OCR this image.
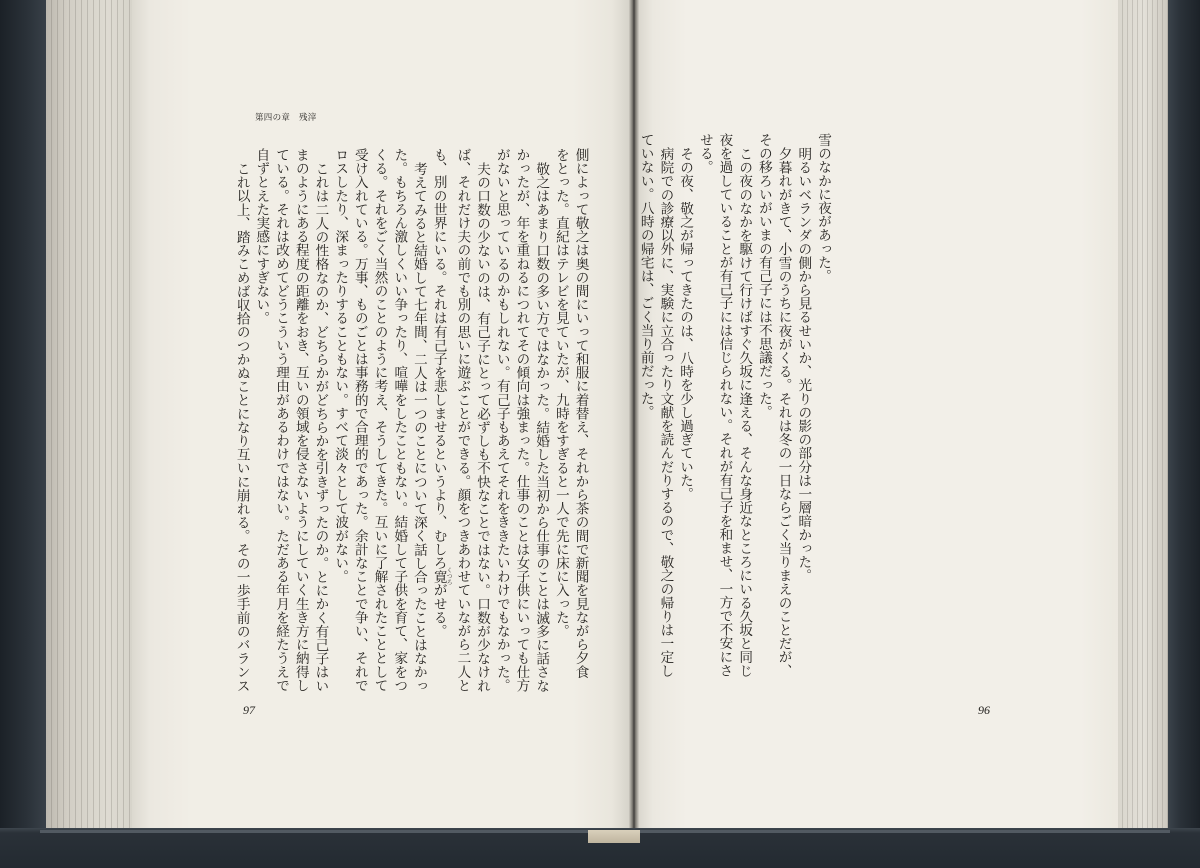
第四の章　残滓
側によって敬之は奥の間にいって和服に着替え、それから茶の間で新聞を見ながら夕食
をとった。直紀はテレビを見ていたが、九時をすぎると一人で先に床に入った。
敬之はあまり口数の多い方ではなかった。結婚した当初から仕事のことは滅多に話さな
かったが、年を重ねるにつれてその傾向は強まった。仕事のことは女子供にいっても仕方
がないと思っているのかもしれない。有己子もあえてそれをききたいわけでもなかった。
夫の口数の少ないのは、有己子にとって必ずしも不快なことではない。口数が少なけれ
ば、それだけ夫の前でも別の思いに遊ぶことができる。顔をつきあわせていながら二人と
も、別の世界にいる。それは有己子を悲しませるというより、むしろ寛くつろがせる。
考えてみると結婚して七年間、二人は一つのことについて深く話し合ったことはなかっ
た。もちろん激しくいい争ったり、喧嘩をしたこともない。結婚して子供を育て、家をつ
くる。それをごく当然のことのように考え、そうしてきた。互いに了解されたこととして
受け入れている。万事、ものごとは事務的で合理的であった。余計なことで争い、それで
ロスしたり、深まったりすることもない。すべて淡々として波がない。
これは二人の性格なのか、どちらかがどちらかを引きずったのか。とにかく有己子はい
まのようにある程度の距離をおき、互いの領域を侵さないようにしていく生き方に納得し
ている。それは改めてどうこういう理由があるわけではない。ただある年月を経たうえで
自ずとえた実感にすぎない。
これ以上、踏みこめば収拾のつかぬことになり互いに崩れる。その一歩手前のバランス
97
雪のなかに夜があった。
明るいベランダの側から見るせいか、光りの影の部分は一層暗かった。
夕暮れがきて、小雪のうちに夜がくる。それは冬の一日ならごく当りまえのことだが、
その移ろいがいまの有己子には不思議だった。
この夜のなかを駆けて行けばすぐ久坂に逢える、そんな身近なところにいる久坂と同じ
夜を過していることが有己子には信じられない。それが有己子を和ませ、一方で不安にさ
せる。
その夜、敬之が帰ってきたのは、八時を少し過ぎていた。
病院での診療以外に、実験に立合ったり文献を読んだりするので、敬之の帰りは一定し
ていない。八時の帰宅は、ごく当り前だった。
96
